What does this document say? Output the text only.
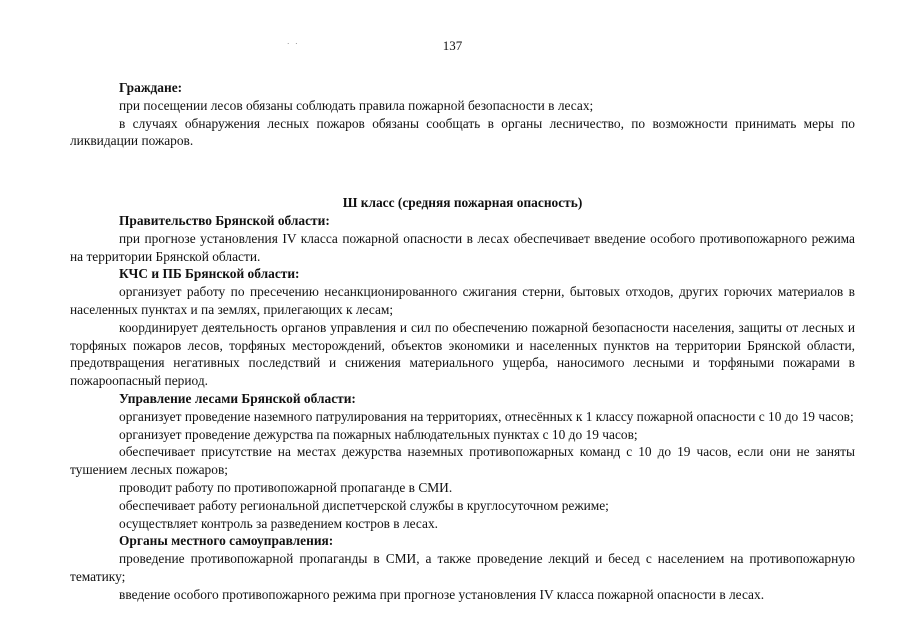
· ·	137

Граждане:

при посещении лесов обязаны соблюдать правила пожарной безопасности в лесах;

в случаях обнаружения лесных пожаров обязаны сообщать в органы лесничество, по возможности принимать меры по ликвидации пожаров.

Ш класс (средняя пожарная опасность)

Правительство Брянской области:

при прогнозе установления IV класса пожарной опасности в лесах обеспечивает введение особого противопожарного режима на территории Брянской области.

КЧС и ПБ Брянской области:

организует работу по пресечению несанкционированного сжигания стерни, бытовых отходов, других горючих материалов в населенных пунктах и па землях, прилегающих к лесам;

координирует деятельность органов управления и сил по обеспечению пожарной безопасности населения, защиты от лесных и торфяных пожаров лесов, торфяных месторождений, объектов экономики и населенных пунктов на территории Брянской области, предотвращения негативных последствий и снижения материального ущерба, наносимого лесными и торфяными пожарами в пожароопасный период.

Управление лесами Брянской области:

организует проведение наземного патрулирования на территориях, отнесённых к 1 классу пожарной опасности с 10 до 19 часов;

организует проведение дежурства па пожарных наблюдательных пунктах с 10 до 19 часов;

обеспечивает присутствие на местах дежурства наземных противопожарных команд с 10 до 19 часов, если они не заняты тушением лесных пожаров;

проводит работу по противопожарной пропаганде в СМИ.

обеспечивает работу региональной диспетчерской службы в круглосуточном режиме;

осуществляет контроль за разведением костров в лесах.

Органы местного самоуправления:

проведение противопожарной пропаганды в СМИ, а также проведение лекций и бесед с населением на противопожарную тематику;

введение особого противопожарного режима при прогнозе установления IV класса пожарной опасности в лесах.
